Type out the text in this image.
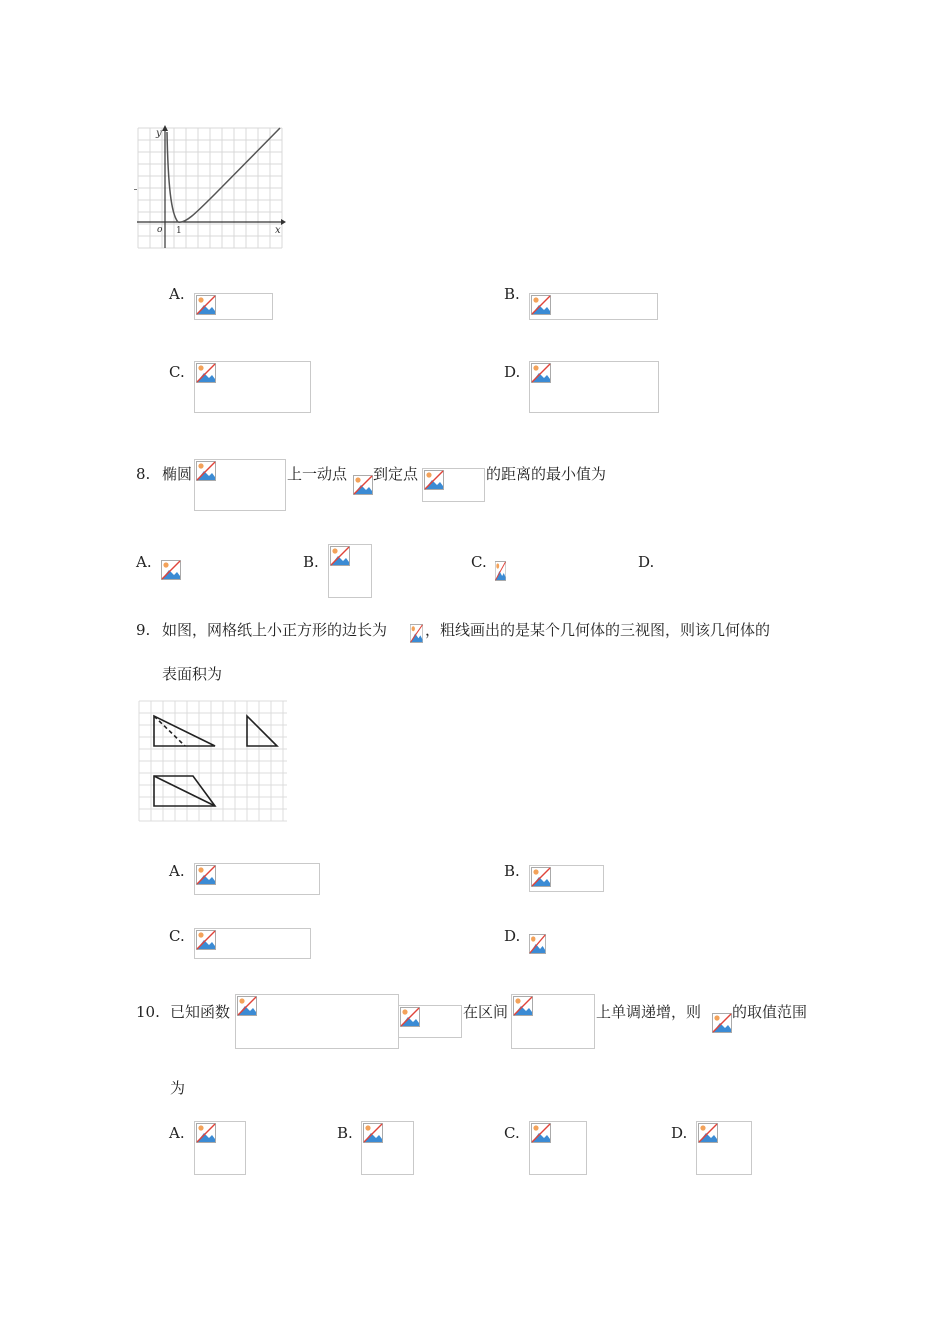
y
x
o 1
A.	B.
C.	D.
8. 椭圆	上一动点 到定点	的距离的最小值为
A.	B.	C.	D.
9. 如图，网格纸上小正方形的边长为	，粗线画出的是某个几何体的三视图，则该几何体的
表面积为
A.	B.
C.	D.
10. 已知函数	在区间	上单调递增，则 的取值范围
为
A.	B.	C.	D.
